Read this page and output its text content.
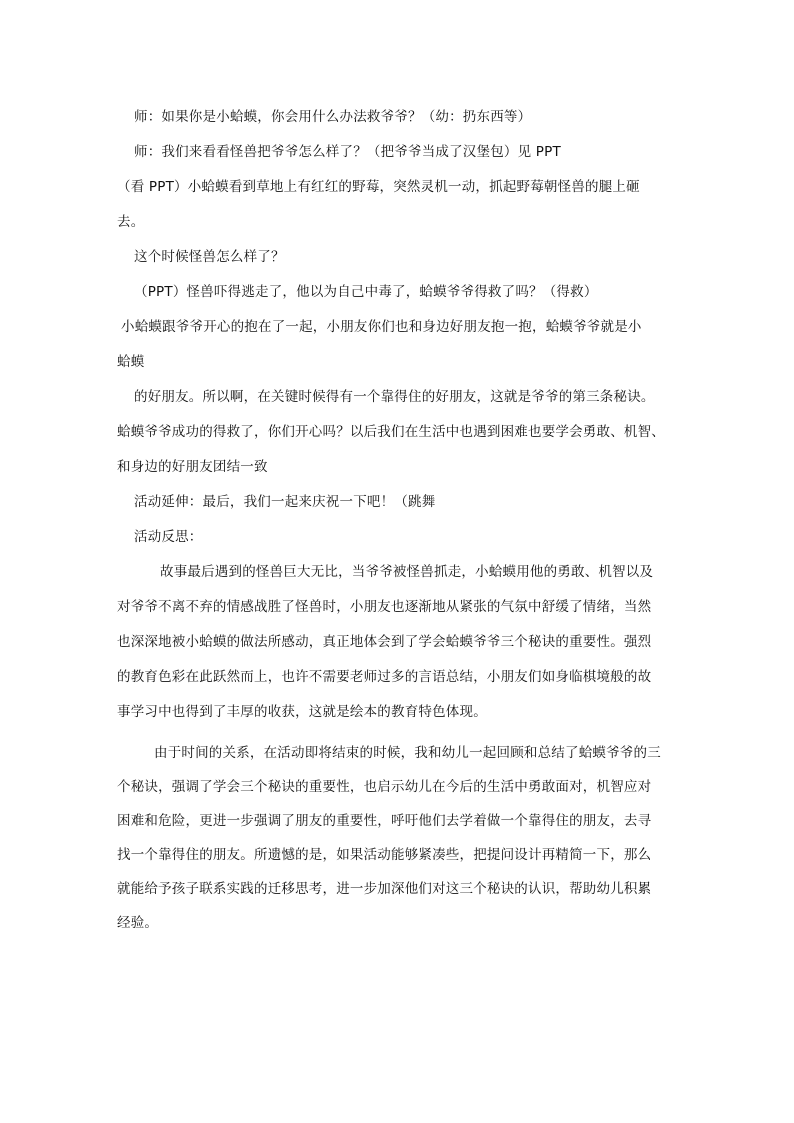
师：如果你是小蛤蟆，你会用什么办法救爷爷？（幼：扔东西等）
师：我们来看看怪兽把爷爷怎么样了？（把爷爷当成了汉堡包）见 PPT
（看 PPT）小蛤蟆看到草地上有红红的野莓，突然灵机一动，抓起野莓朝怪兽的腿上砸
去。
这个时候怪兽怎么样了？
（PPT）怪兽吓得逃走了，他以为自己中毒了，蛤蟆爷爷得救了吗？（得救）
小蛤蟆跟爷爷开心的抱在了一起，小朋友你们也和身边好朋友抱一抱，蛤蟆爷爷就是小
蛤蟆
的好朋友。所以啊，在关键时候得有一个靠得住的好朋友，这就是爷爷的第三条秘诀。
蛤蟆爷爷成功的得救了，你们开心吗？以后我们在生活中也遇到困难也要学会勇敢、机智、
和身边的好朋友团结一致
活动延伸：最后，我们一起来庆祝一下吧！（跳舞
活动反思：
故事最后遇到的怪兽巨大无比，当爷爷被怪兽抓走，小蛤蟆用他的勇敢、机智以及
对爷爷不离不弃的情感战胜了怪兽时，小朋友也逐渐地从紧张的气氛中舒缓了情绪，当然
也深深地被小蛤蟆的做法所感动，真正地体会到了学会蛤蟆爷爷三个秘诀的重要性。强烈
的教育色彩在此跃然而上，也许不需要老师过多的言语总结，小朋友们如身临棋境般的故
事学习中也得到了丰厚的收获，这就是绘本的教育特色体现。
由于时间的关系，在活动即将结束的时候，我和幼儿一起回顾和总结了蛤蟆爷爷的三
个秘诀，强调了学会三个秘诀的重要性，也启示幼儿在今后的生活中勇敢面对，机智应对
困难和危险，更进一步强调了朋友的重要性，呼吁他们去学着做一个靠得住的朋友，去寻
找一个靠得住的朋友。所遗憾的是，如果活动能够紧凑些，把提问设计再精简一下，那么
就能给予孩子联系实践的迁移思考，进一步加深他们对这三个秘诀的认识，帮助幼儿积累
经验。
